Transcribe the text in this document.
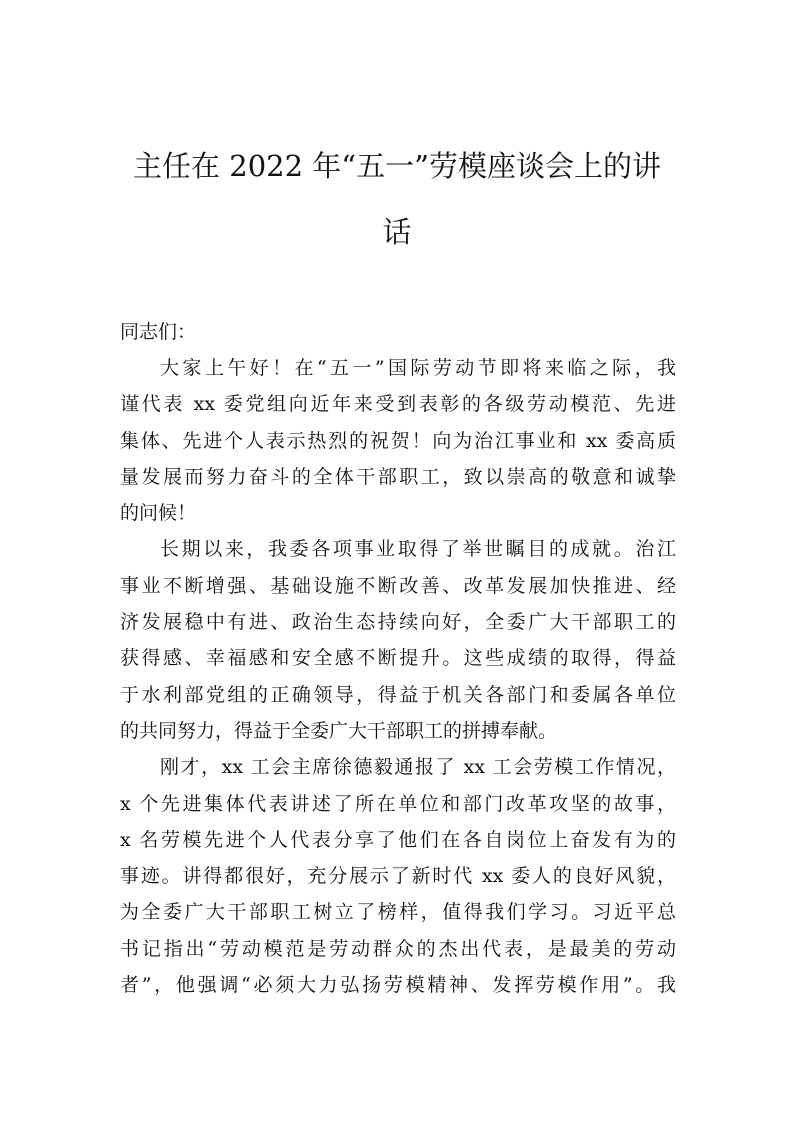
主任在 2022 年“五一”劳模座谈会上的讲
话

同志们：

大家上午好！在“五一”国际劳动节即将来临之际，我
谨代表 xx 委党组向近年来受到表彰的各级劳动模范、先进
集体、先进个人表示热烈的祝贺！向为治江事业和 xx 委高质
量发展而努力奋斗的全体干部职工，致以崇高的敬意和诚挚
的问候！

长期以来，我委各项事业取得了举世瞩目的成就。治江
事业不断增强、基础设施不断改善、改革发展加快推进、经
济发展稳中有进、政治生态持续向好，全委广大干部职工的
获得感、幸福感和安全感不断提升。这些成绩的取得，得益
于水利部党组的正确领导，得益于机关各部门和委属各单位
的共同努力，得益于全委广大干部职工的拼搏奉献。

刚才，xx 工会主席徐德毅通报了 xx 工会劳模工作情况，
x 个先进集体代表讲述了所在单位和部门改革攻坚的故事，
x 名劳模先进个人代表分享了他们在各自岗位上奋发有为的
事迹。讲得都很好，充分展示了新时代 xx 委人的良好风貌，
为全委广大干部职工树立了榜样，值得我们学习。习近平总
书记指出“劳动模范是劳动群众的杰出代表，是最美的劳动
者”，他强调“必须大力弘扬劳模精神、发挥劳模作用”。我
